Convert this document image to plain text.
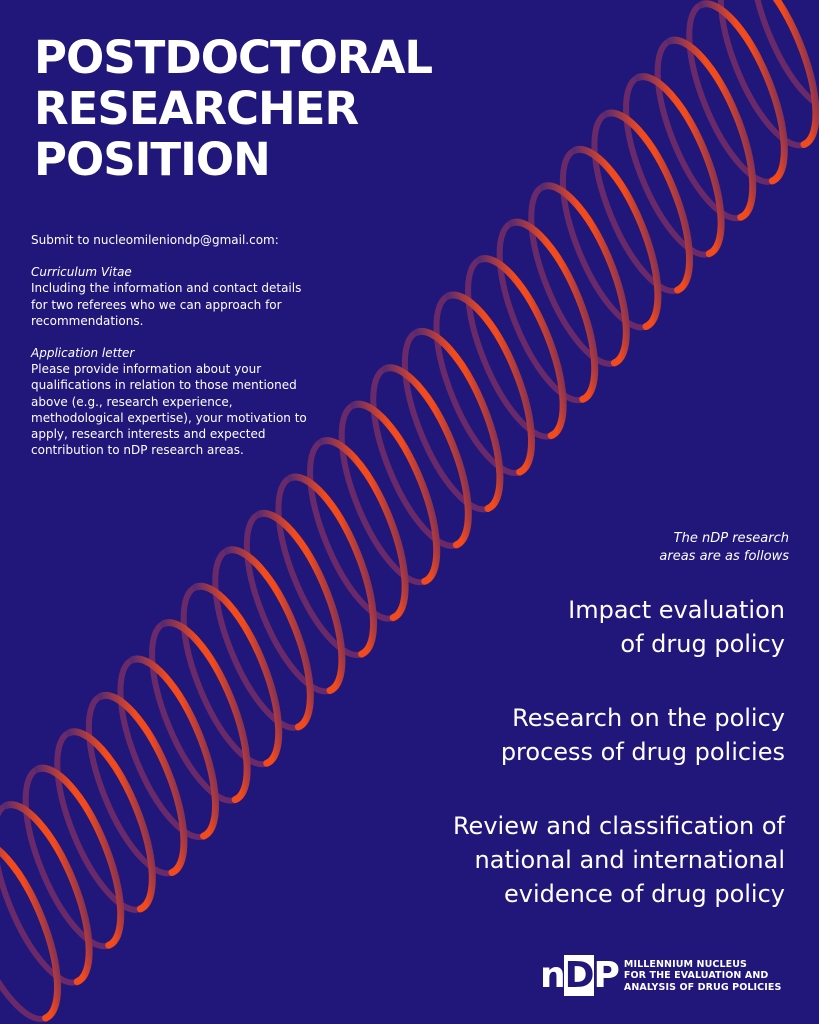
POSTDOCTORAL
RESEARCHER
POSITION

Submit to nucleomileniondp@gmail.com:

Curriculum Vitae

Including the information and contact details for two referees who we can approach for recommendations.

Application letter

Please provide information about your qualifications in relation to those mentioned above (e.g., research experience, methodological expertise), your motivation to apply, research interests and expected contribution to nDP research areas.

The nDP research
areas are as follows
Impact evaluation
of drug policy
Research on the policy
process of drug policies
Review and classification of
national and international
evidence of drug policy
nDP MILLENNIUM NUCLEUS
FOR THE EVALUATION AND
ANALYSIS OF DRUG POLICIES
